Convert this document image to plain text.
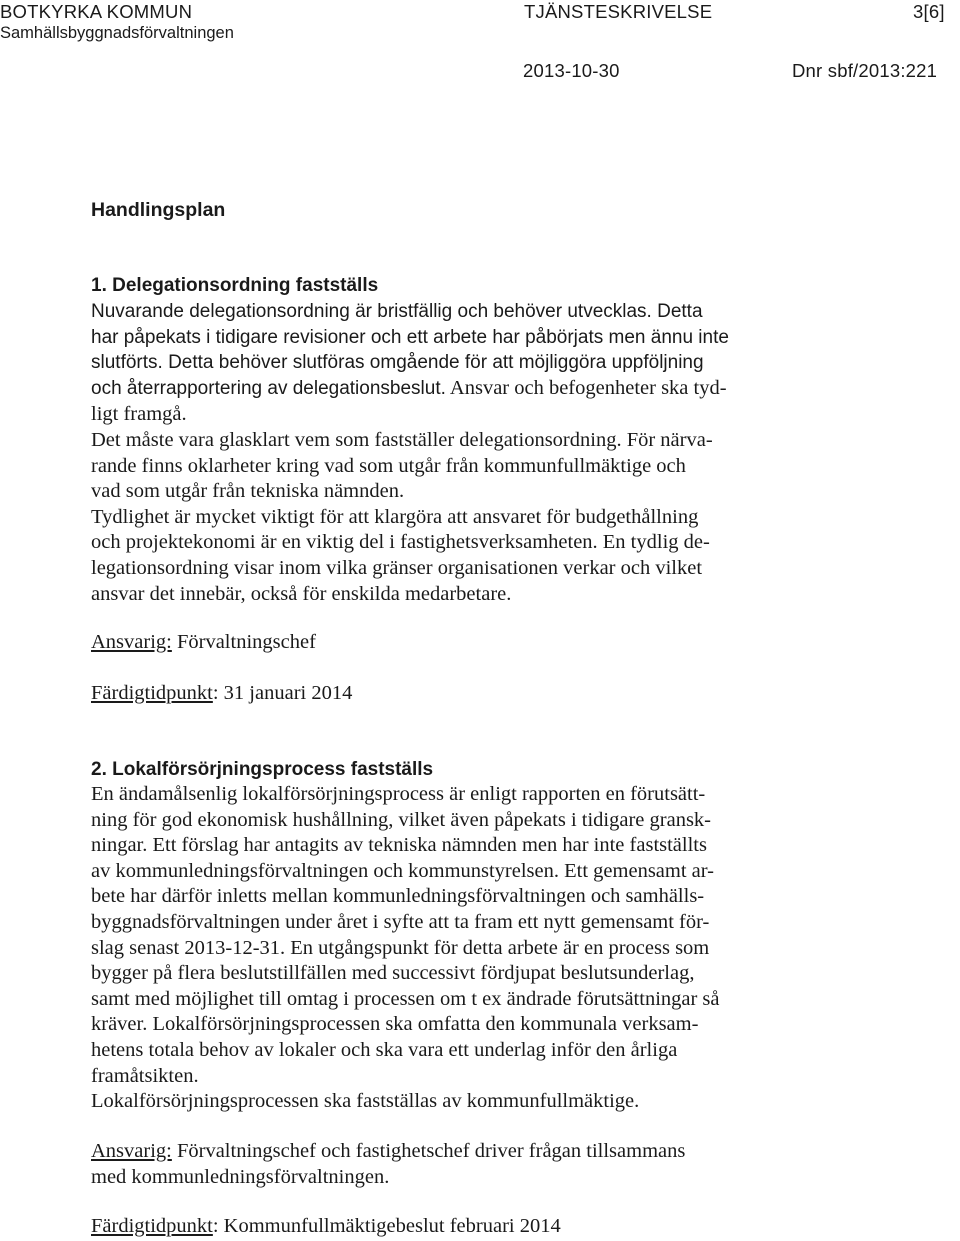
BOTKYRKA KOMMUN
Samhällsbyggnadsförvaltningen
TJÄNSTESKRIVELSE	3[6]
2013-10-30	Dnr sbf/2013:221
Handlingsplan
1. Delegationsordning fastställs
Nuvarande delegationsordning är bristfällig och behöver utvecklas. Detta
har påpekats i tidigare revisioner och ett arbete har påbörjats men ännu inte
slutförts. Detta behöver slutföras omgående för att möjliggöra uppföljning
och återrapportering av delegationsbeslut. Ansvar och befogenheter ska tyd-
ligt framgå.
Det måste vara glasklart vem som fastställer delegationsordning. För närva-
rande finns oklarheter kring vad som utgår från kommunfullmäktige och
vad som utgår från tekniska nämnden.
Tydlighet är mycket viktigt för att klargöra att ansvaret för budgethållning
och projektekonomi är en viktig del i fastighetsverksamheten. En tydlig de-
legationsordning visar inom vilka gränser organisationen verkar och vilket
ansvar det innebär, också för enskilda medarbetare.
Ansvarig: Förvaltningschef
Färdigtidpunkt: 31 januari 2014
2. Lokalförsörjningsprocess fastställs
En ändamålsenlig lokalförsörjningsprocess är enligt rapporten en förutsätt-
ning för god ekonomisk hushållning, vilket även påpekats i tidigare gransk-
ningar. Ett förslag har antagits av tekniska nämnden men har inte fastställts
av kommunledningsförvaltningen och kommunstyrelsen. Ett gemensamt ar-
bete har därför inletts mellan kommunledningsförvaltningen och samhälls-
byggnadsförvaltningen under året i syfte att ta fram ett nytt gemensamt för-
slag senast 2013-12-31. En utgångspunkt för detta arbete är en process som
bygger på flera beslutstillfällen med successivt fördjupat beslutsunderlag,
samt med möjlighet till omtag i processen om t ex ändrade förutsättningar så
kräver. Lokalförsörjningsprocessen ska omfatta den kommunala verksam-
hetens totala behov av lokaler och ska vara ett underlag inför den årliga
framåtsikten.
Lokalförsörjningsprocessen ska fastställas av kommunfullmäktige.
Ansvarig: Förvaltningschef och fastighetschef driver frågan tillsammans
med kommunledningsförvaltningen.
Färdigtidpunkt: Kommunfullmäktigebeslut februari 2014
